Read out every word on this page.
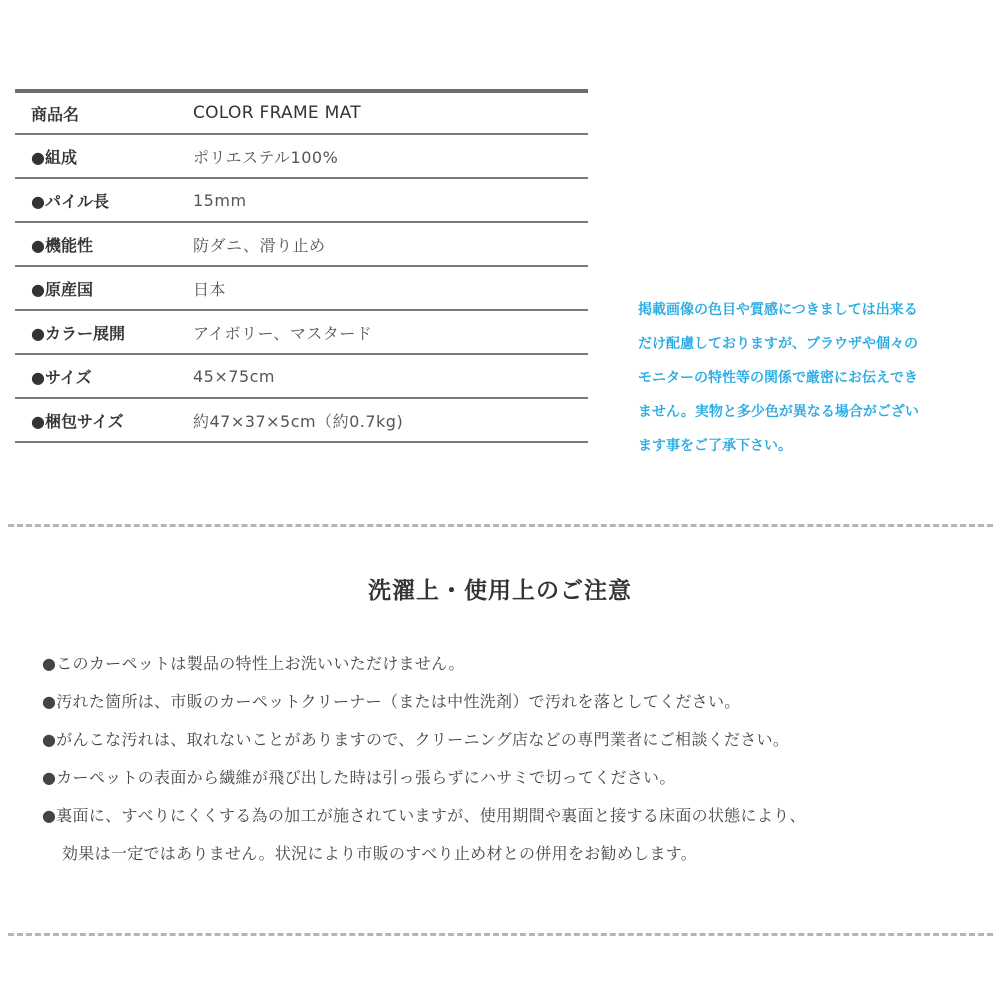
商品名	COLOR FRAME MAT
●組成	ポリエステル100%
●パイル長	15mm
●機能性	防ダニ、滑り止め
●原産国	日本
●カラー展開	アイボリー、マスタード
●サイズ	45×75cm
●梱包サイズ	約47×37×5cm（約0.7kg)
掲載画像の色目や質感につきましては出来る
だけ配慮しておりますが、ブラウザや個々の
モニターの特性等の関係で厳密にお伝えでき
ません。実物と多少色が異なる場合がござい
ます事をご了承下さい。
洗濯上・使用上のご注意
●このカーペットは製品の特性上お洗いいただけません。
●汚れた箇所は、市販のカーペットクリーナー（または中性洗剤）で汚れを落としてください。
●がんこな汚れは、取れないことがありますので、クリーニング店などの専門業者にご相談ください。
●カーペットの表面から繊維が飛び出した時は引っ張らずにハサミで切ってください。
●裏面に、すべりにくくする為の加工が施されていますが、使用期間や裏面と接する床面の状態により、
効果は一定ではありません。状況により市販のすべり止め材との併用をお勧めします。
